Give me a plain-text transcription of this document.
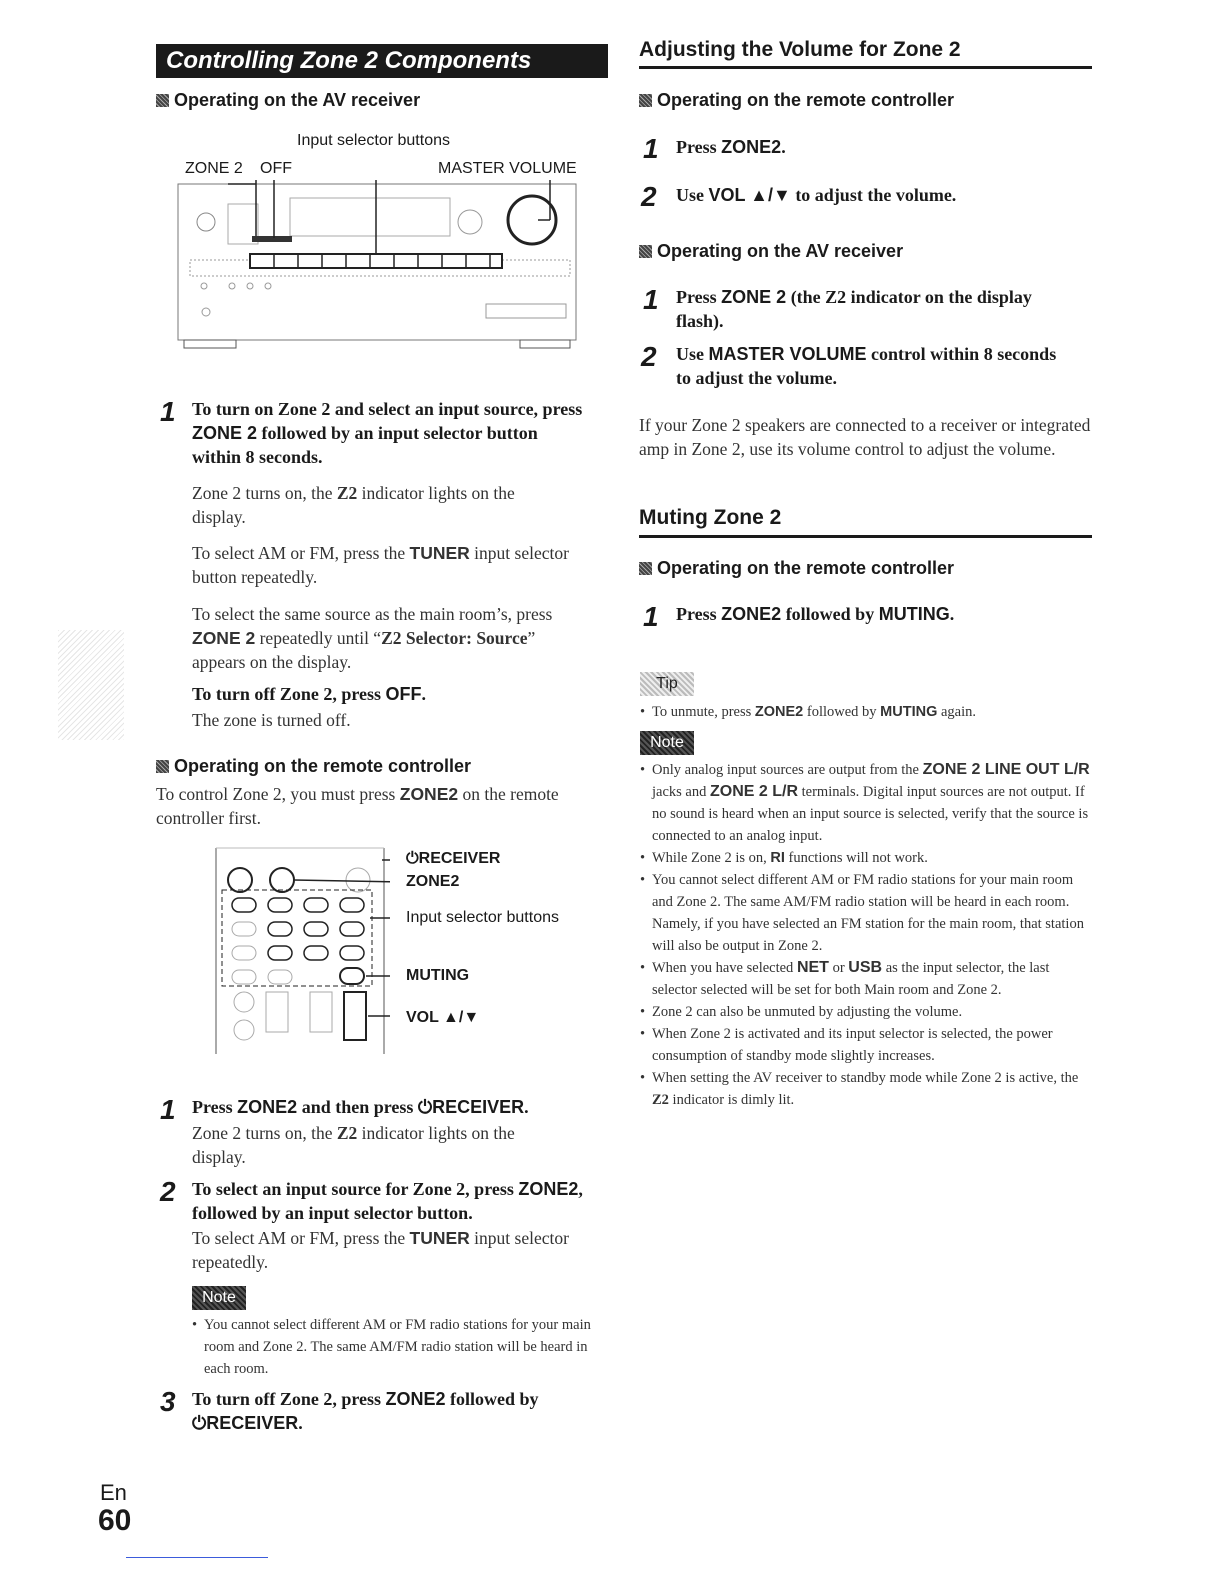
Controlling Zone 2 Components
Operating on the AV receiver
Input selector buttons
ZONE 2 OFF	MASTER VOLUME
1 To turn on Zone 2 and select an input source, press
ZONE 2 followed by an input selector button
within 8 seconds.
Zone 2 turns on, the Z2 indicator lights on the
display.
To select AM or FM, press the TUNER input selector
button repeatedly.
To select the same source as the main room’s, press
ZONE 2 repeatedly until “Z2 Selector: Source”
appears on the display.
To turn off Zone 2, press OFF.
The zone is turned off.
Operating on the remote controller
To control Zone 2, you must press ZONE2 on the remote
controller first.
⏻RECEIVER
ZONE2
Input selector buttons
MUTING
VOL ▲/▼
1 Press ZONE2 and then press ⏻RECEIVER.
Zone 2 turns on, the Z2 indicator lights on the
display.
2 To select an input source for Zone 2, press ZONE2,
followed by an input selector button.
To select AM or FM, press the TUNER input selector
repeatedly.
Note
• You cannot select different AM or FM radio stations for your main room and Zone 2. The same AM/FM radio station will be heard in each room.
3 To turn off Zone 2, press ZONE2 followed by
⏻RECEIVER.
En
60
Adjusting the Volume for Zone 2
Operating on the remote controller
1 Press ZONE2.
2 Use VOL ▲/▼ to adjust the volume.
Operating on the AV receiver
1 Press ZONE 2 (the Z2 indicator on the display
flash).
2 Use MASTER VOLUME control within 8 seconds
to adjust the volume.
If your Zone 2 speakers are connected to a receiver or integrated amp in Zone 2, use its volume control to adjust the volume.
Muting Zone 2
Operating on the remote controller
1 Press ZONE2 followed by MUTING.
Tip
• To unmute, press ZONE2 followed by MUTING again.
Note
• Only analog input sources are output from the ZONE 2 LINE OUT L/R jacks and ZONE 2 L/R terminals. Digital input sources are not output. If no sound is heard when an input source is selected, verify that the source is connected to an analog input.
• While Zone 2 is on, RI functions will not work.
• You cannot select different AM or FM radio stations for your main room and Zone 2. The same AM/FM radio station will be heard in each room. Namely, if you have selected an FM station for the main room, that station will also be output in Zone 2.
• When you have selected NET or USB as the input selector, the last selector selected will be set for both Main room and Zone 2.
• Zone 2 can also be unmuted by adjusting the volume.
• When Zone 2 is activated and its input selector is selected, the power consumption of standby mode slightly increases.
• When setting the AV receiver to standby mode while Zone 2 is active, the Z2 indicator is dimly lit.
